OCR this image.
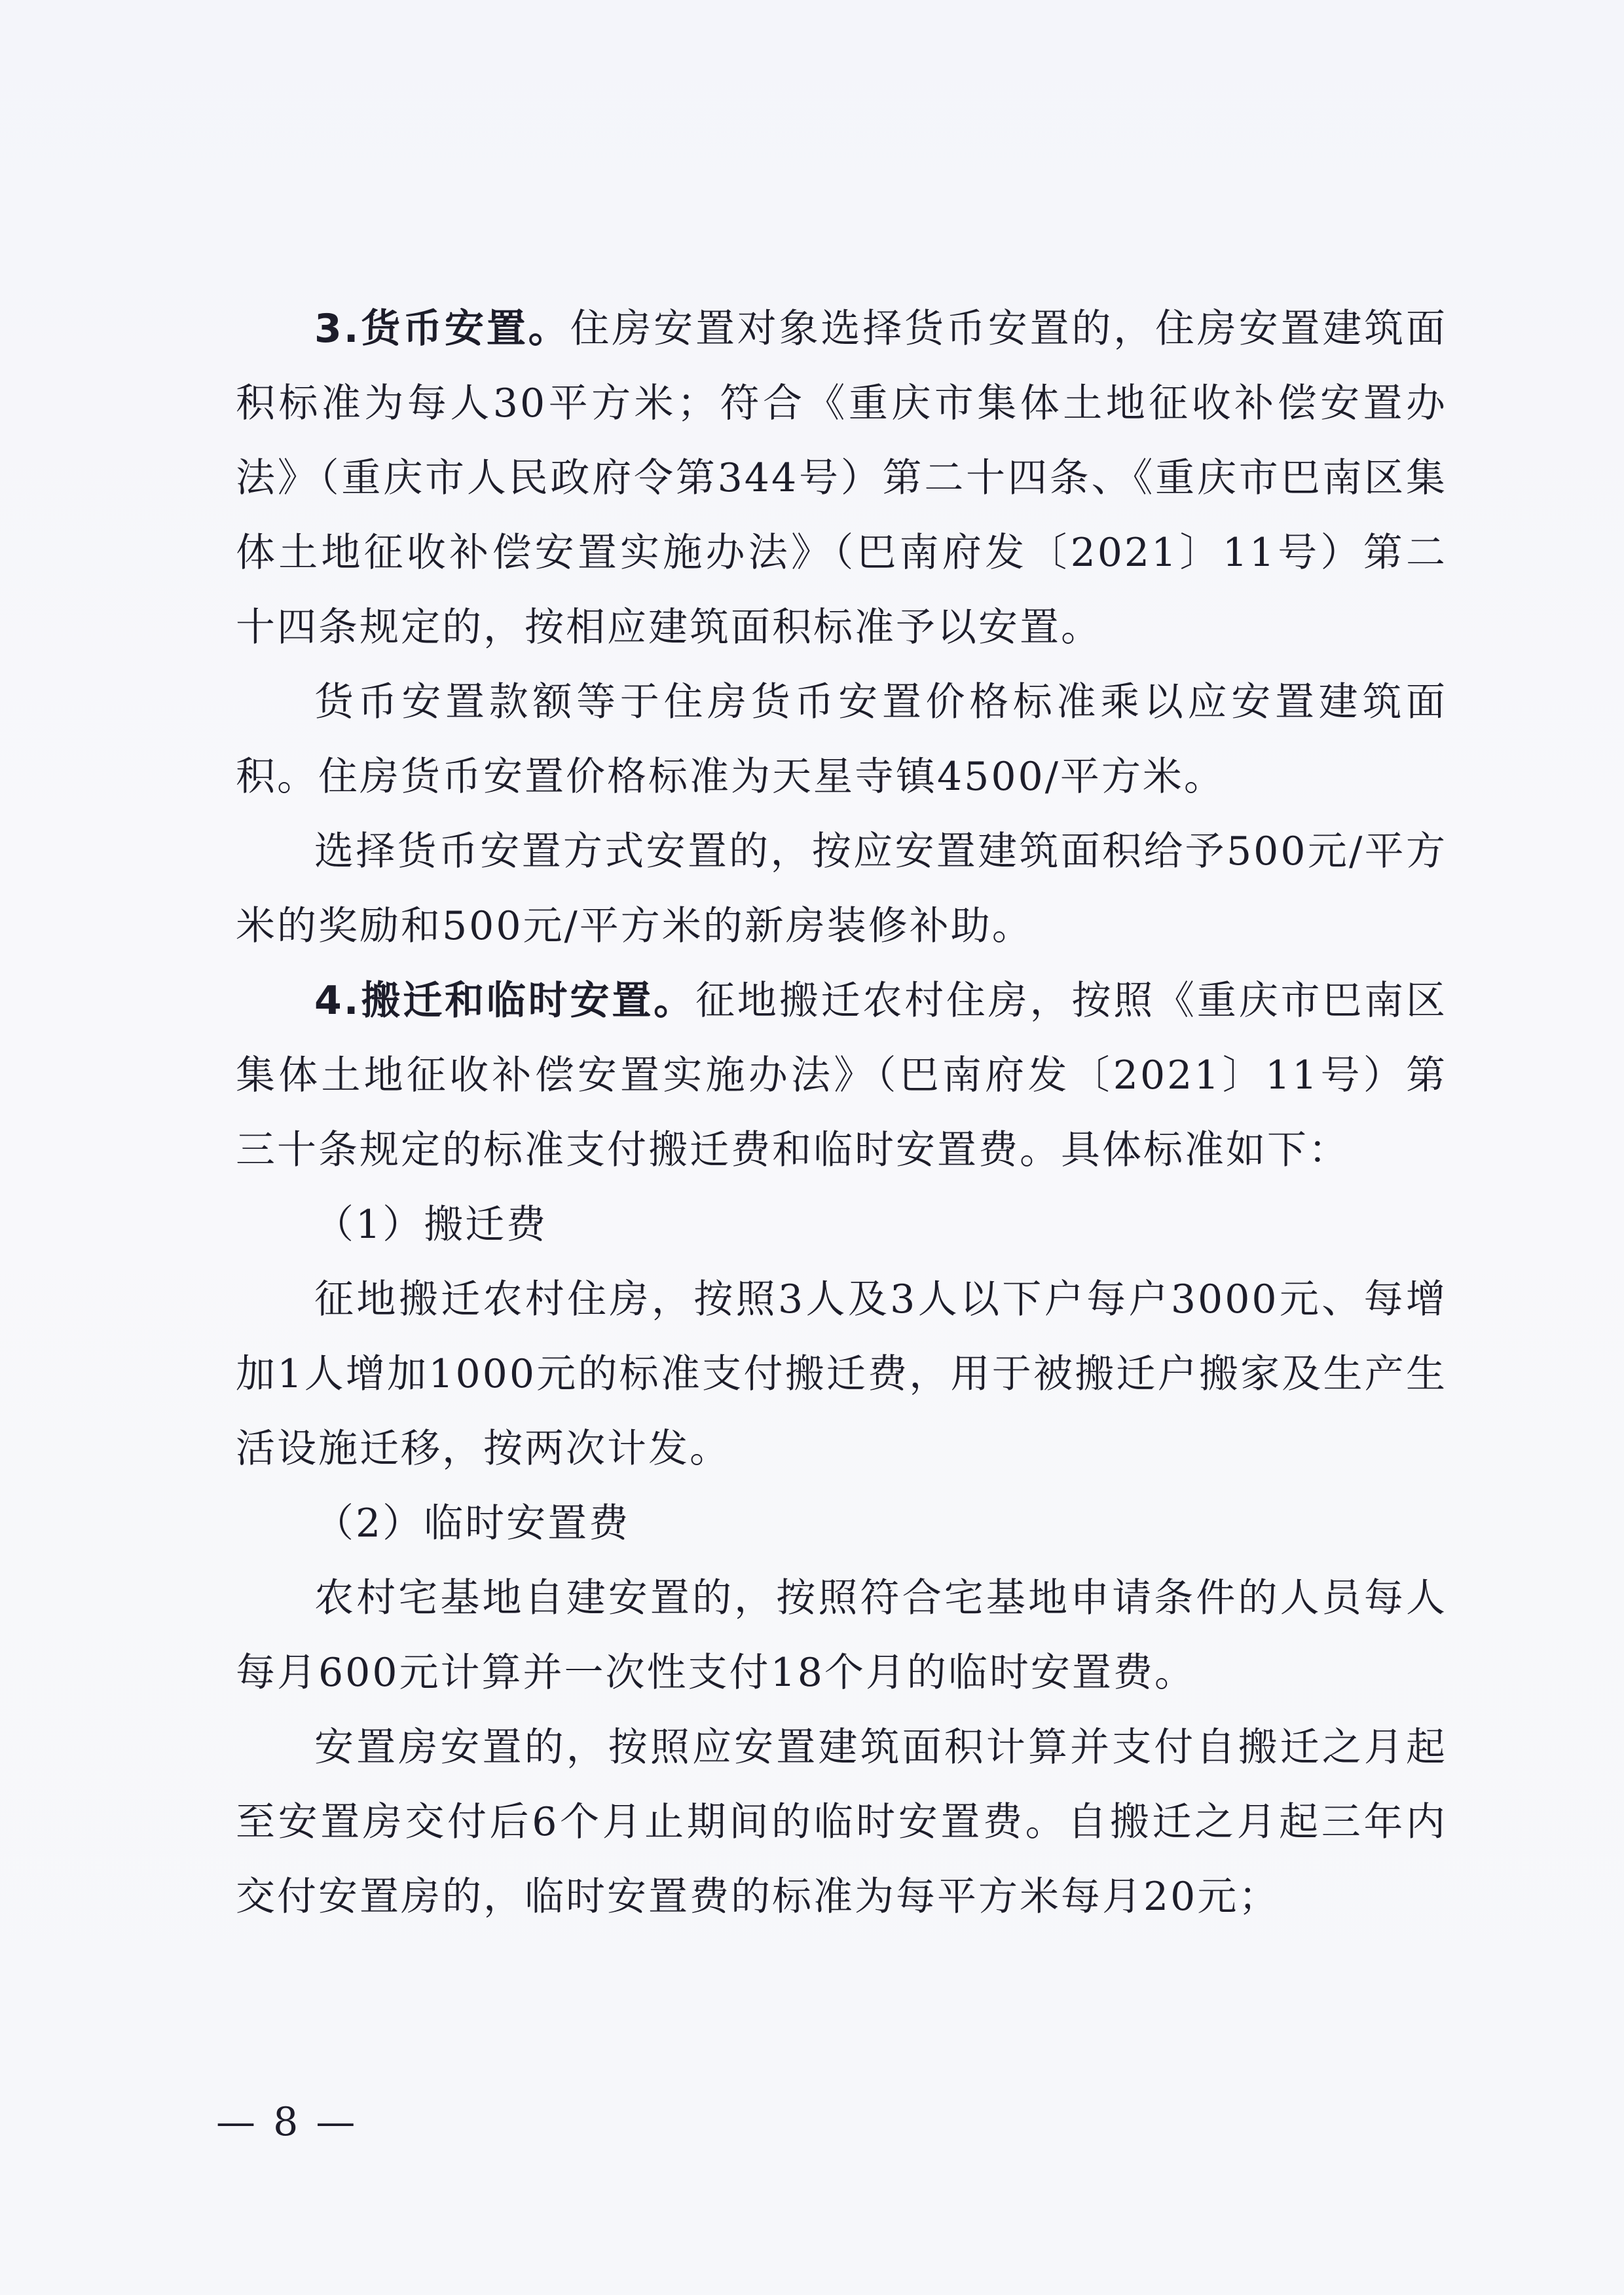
3.货币安置。住房安置对象选择货币安置的，住房安置建筑面积标准为每人30平方米；符合《重庆市集体土地征收补偿安置办法》（重庆市人民政府令第344号）第二十四条、《重庆市巴南区集体土地征收补偿安置实施办法》（巴南府发〔2021〕11号）第二十四条规定的，按相应建筑面积标准予以安置。

货币安置款额等于住房货币安置价格标准乘以应安置建筑面积。住房货币安置价格标准为天星寺镇4500/平方米。

选择货币安置方式安置的，按应安置建筑面积给予500元/平方米的奖励和500元/平方米的新房装修补助。

4.搬迁和临时安置。征地搬迁农村住房，按照《重庆市巴南区集体土地征收补偿安置实施办法》（巴南府发〔2021〕11号）第三十条规定的标准支付搬迁费和临时安置费。具体标准如下：

（1）搬迁费

征地搬迁农村住房，按照3人及3人以下户每户3000元、每增加1人增加1000元的标准支付搬迁费，用于被搬迁户搬家及生产生活设施迁移，按两次计发。

（2）临时安置费

农村宅基地自建安置的，按照符合宅基地申请条件的人员每人每月600元计算并一次性支付18个月的临时安置费。

安置房安置的，按照应安置建筑面积计算并支付自搬迁之月起至安置房交付后6个月止期间的临时安置费。自搬迁之月起三年内交付安置房的，临时安置费的标准为每平方米每月20元；

— 8 —
